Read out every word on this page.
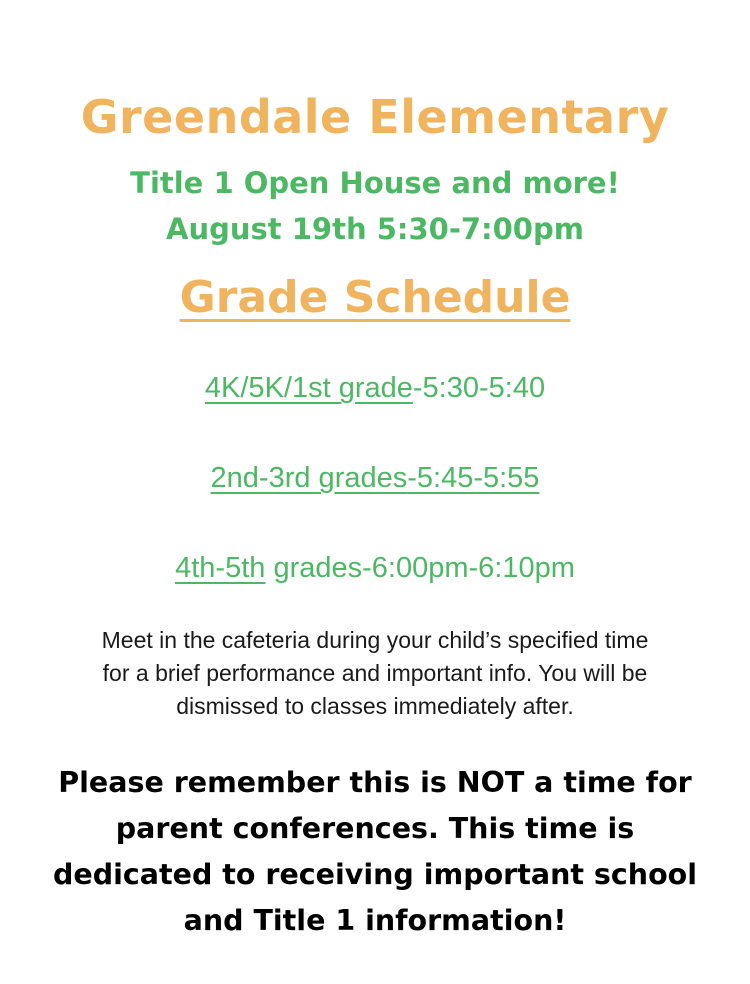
Greendale Elementary
Title 1 Open House and more!
August 19th 5:30-7:00pm
Grade Schedule
4K/5K/1st grade-5:30-5:40
2nd-3rd grades-5:45-5:55
4th-5th grades-6:00pm-6:10pm

Meet in the cafeteria during your child’s specified time
for a brief performance and important info. You will be
dismissed to classes immediately after.

Please remember this is NOT a time for
parent conferences. This time is
dedicated to receiving important school
and Title 1 information!
